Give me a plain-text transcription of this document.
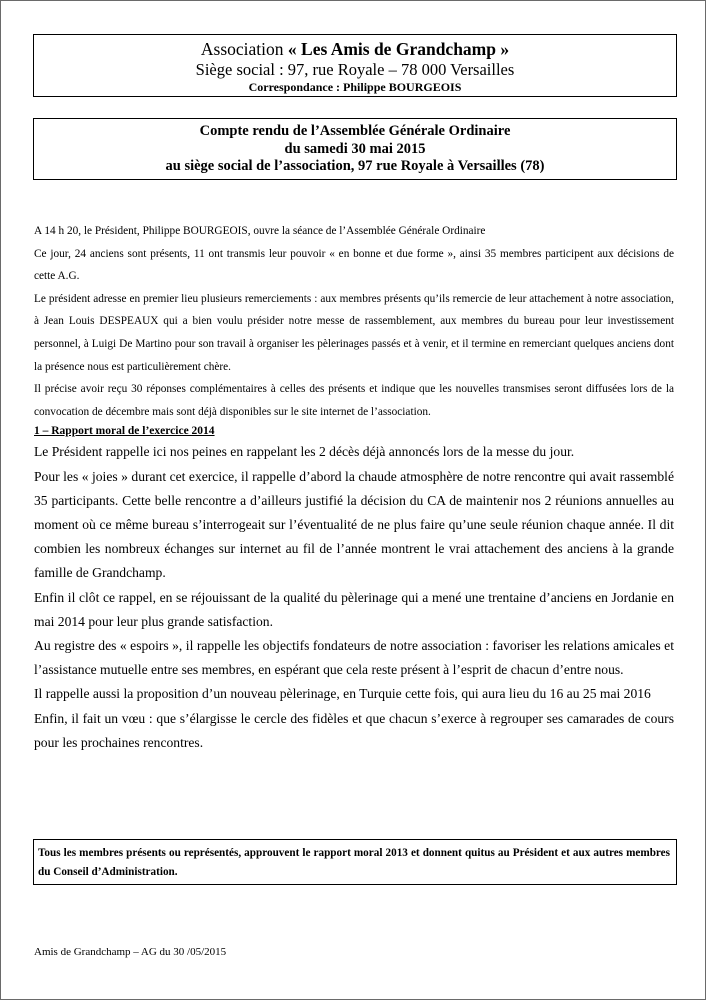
Association « Les Amis de Grandchamp »
Siège social : 97, rue Royale – 78 000 Versailles
Correspondance : Philippe BOURGEOIS
Compte rendu de l’Assemblée Générale Ordinaire
du samedi 30 mai 2015
au siège social de l’association, 97 rue Royale à Versailles (78)

A 14 h 20, le Président, Philippe BOURGEOIS, ouvre la séance de l’Assemblée Générale Ordinaire

Ce jour, 24 anciens sont présents, 11 ont transmis leur pouvoir « en bonne et due forme », ainsi 35 membres participent aux décisions de cette A.G.

Le président adresse en premier lieu plusieurs remerciements : aux membres présents qu’ils remercie de leur attachement à notre association, à Jean Louis DESPEAUX qui a bien voulu présider notre messe de rassemblement, aux membres du bureau pour leur investissement personnel, à Luigi De Martino pour son travail à organiser les pèlerinages passés et à venir, et il termine en remerciant quelques anciens dont la présence nous est particulièrement chère.

Il précise avoir reçu 30 réponses complémentaires à celles des présents et indique que les nouvelles transmises seront diffusées lors de la convocation de décembre mais sont déjà disponibles sur le site internet de l’association.

1 – Rapport moral de l’exercice 2014

Le Président rappelle ici nos peines en rappelant les 2 décès déjà annoncés lors de la messe du jour.

Pour les « joies » durant cet exercice, il rappelle d’abord la chaude atmosphère de notre rencontre qui avait rassemblé 35 participants. Cette belle rencontre a d’ailleurs justifié la décision du CA de maintenir nos 2 réunions annuelles au moment où ce même bureau s’interrogeait sur l’éventualité de ne plus faire qu’une seule réunion chaque année. Il dit combien les nombreux échanges sur internet au fil de l’année montrent le vrai attachement des anciens à la grande famille de Grandchamp.

Enfin il clôt ce rappel, en se réjouissant de la qualité du pèlerinage qui a mené une trentaine d’anciens en Jordanie en mai 2014 pour leur plus grande satisfaction.

Au registre des « espoirs », il rappelle les objectifs fondateurs de notre association : favoriser les relations amicales et l’assistance mutuelle entre ses membres, en espérant que cela reste présent à l’esprit de chacun d’entre nous.

Il rappelle aussi la proposition d’un nouveau pèlerinage, en Turquie cette fois, qui aura lieu du 16 au 25 mai 2016

Enfin, il fait un vœu : que s’élargisse le cercle des fidèles et que chacun s’exerce à regrouper ses camarades de cours pour les prochaines rencontres.

Tous les membres présents ou représentés, approuvent le rapport moral 2013 et donnent quitus au Président et aux autres membres du Conseil d’Administration.

Amis de Grandchamp – AG du 30 /05/2015
